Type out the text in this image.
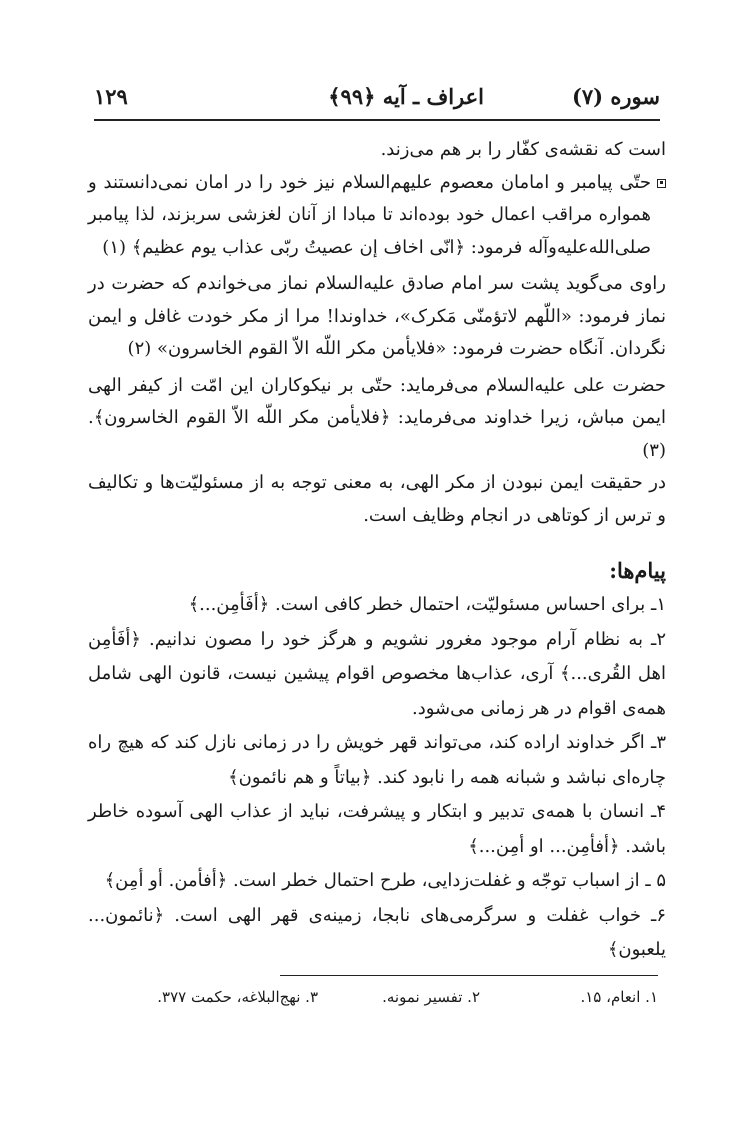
سوره (۷)
اعراف ـ آیه ﴿۹۹﴾
۱۲۹

است که نقشه‌ی کفّار را بر هم می‌زند.

حتّی پیامبر و امامان معصوم علیهم‌السلام نیز خود را در امان نمی‌دانستند و همواره مراقب اعمال خود بوده‌اند تا مبادا از آنان لغزشی سربزند، لذا پیامبر صلی‌الله‌علیه‌وآله فرمود: ﴿انّی اخاف إن عصیتُ ربّی عذاب یوم عظیم﴾ (۱)

راوی می‌گوید پشت سر امام صادق علیه‌السلام نماز می‌خواندم که حضرت در نماز فرمود: «اللّهم لاتؤمنّی مَکرک»، خداوندا! مرا از مکر خودت غافل و ایمن نگردان. آنگاه حضرت فرمود: «فلایأمن مکر اللّه الاّ القوم الخاسرون» (۲)

حضرت علی علیه‌السلام می‌فرماید: حتّی بر نیکوکاران این امّت از کیفر الهی ایمن مباش، زیرا خداوند می‌فرماید: ﴿فلایأمن مکر اللّه الاّ القوم الخاسرون﴾. (۳)

در حقیقت ایمن نبودن از مکر الهی، به معنی توجه به از مسئولیّت‌ها و تکالیف و ترس از کوتاهی در انجام وظایف است.

پیام‌ها:

۱ـ برای احساس مسئولیّت، احتمال خطر کافی است. ﴿أفَأمِن...﴾

۲ـ به نظام آرام موجود مغرور نشویم و هرگز خود را مصون ندانیم. ﴿أفَأمِن اهل القُری...﴾ آری، عذاب‌ها مخصوص اقوام پیشین نیست، قانون الهی شامل همه‌ی اقوام در هر زمانی می‌شود.

۳ـ اگر خداوند اراده کند، می‌تواند قهر خویش را در زمانی نازل کند که هیچ راه چاره‌ای نباشد و شبانه همه را نابود کند. ﴿بیاتاً و هم نائمون﴾

۴ـ انسان با همه‌ی تدبیر و ابتکار و پیشرفت، نباید از عذاب الهی آسوده خاطر باشد. ﴿أفأمِن... او أمِن...﴾

۵ ـ از اسباب توجّه و غفلت‌زدایی، طرح احتمال خطر است. ﴿أفأمن. أو أمِن﴾

۶ـ خواب غفلت و سرگرمی‌های نابجا، زمینه‌ی قهر الهی است. ﴿نائمون... یلعبون﴾

۱. انعام، ۱۵.
۲. تفسیر نمونه.
۳. نهج‌البلاغه، حکمت ۳۷۷.
